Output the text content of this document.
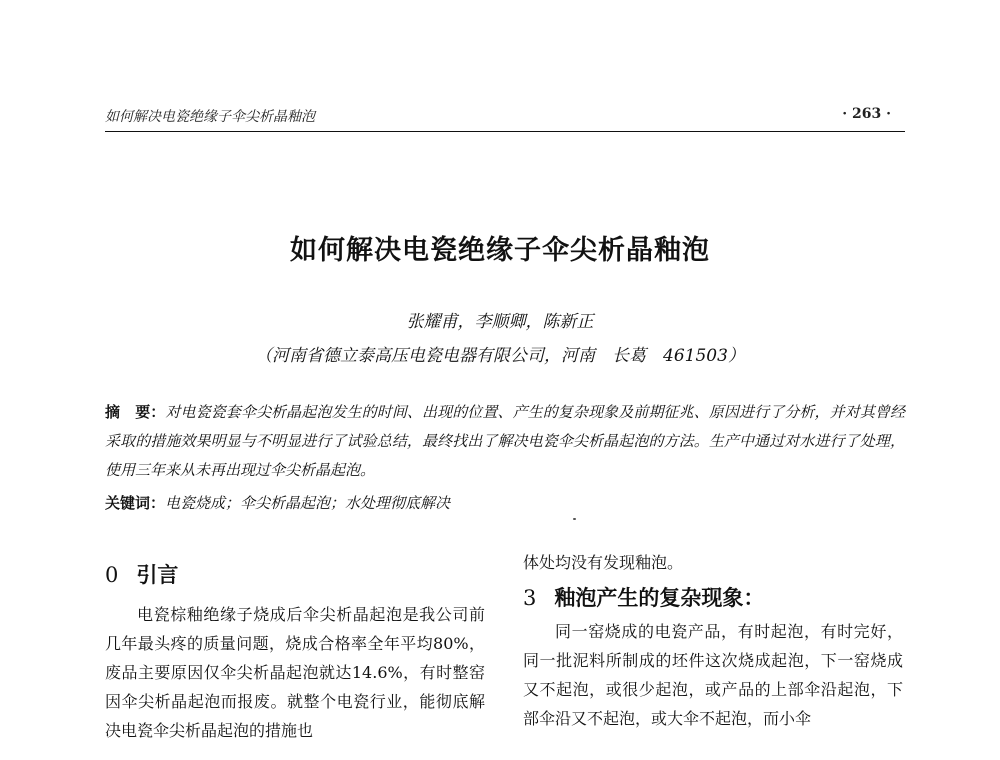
如何解决电瓷绝缘子伞尖析晶釉泡	· 263 ·
如何解决电瓷绝缘子伞尖析晶釉泡
张耀甫，李顺卿，陈新正
（河南省德立泰高压电瓷电器有限公司，河南　长葛　461503）
摘　要：对电瓷瓷套伞尖析晶起泡发生的时间、出现的位置、产生的复杂现象及前期征兆、原因进行了分析，并对其曾经采取的措施效果明显与不明显进行了试验总结，最终找出了解决电瓷伞尖析晶起泡的方法。生产中通过对水进行了处理，使用三年来从未再出现过伞尖析晶起泡。
关键词：电瓷烧成；伞尖析晶起泡；水处理彻底解决
0 引言

电瓷棕釉绝缘子烧成后伞尖析晶起泡是我公司前几年最头疼的质量问题，烧成合格率全年平均80%，废品主要原因仅伞尖析晶起泡就达14.6%，有时整窑因伞尖析晶起泡而报废。就整个电瓷行业，能彻底解决电瓷伞尖析晶起泡的措施也

体处均没有发现釉泡。

3 釉泡产生的复杂现象：

同一窑烧成的电瓷产品，有时起泡，有时完好，同一批泥料所制成的坯件这次烧成起泡，下一窑烧成又不起泡，或很少起泡，或产品的上部伞沿起泡，下部伞沿又不起泡，或大伞不起泡，而小伞
